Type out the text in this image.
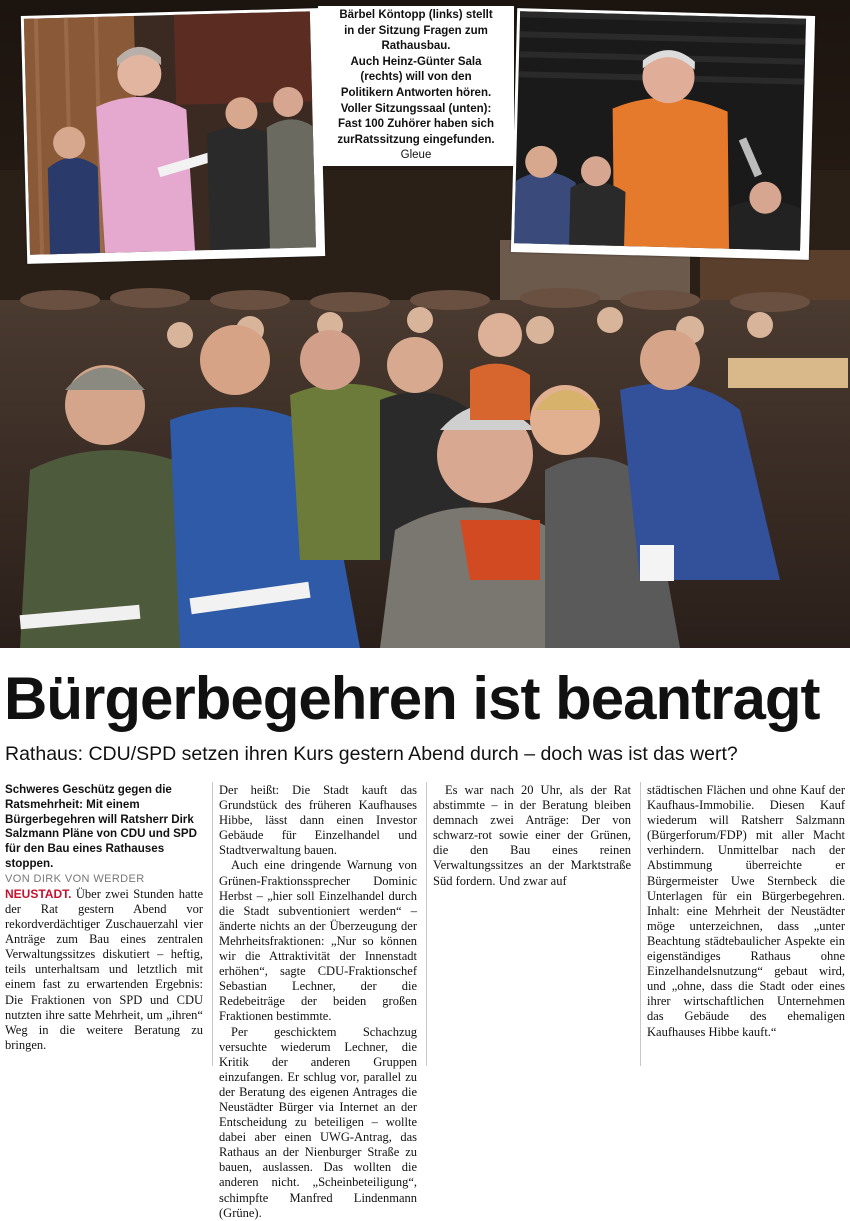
Bärbel Köntopp (links) stellt
in der Sitzung Fragen zum
Rathausbau.
Auch Heinz-Günter Sala
(rechts) will von den
Politikern Antworten hören.
Voller Sitzungssaal (unten):
Fast 100 Zuhörer haben sich
zurRatssitzung eingefunden.
Gleue
Bürgerbegehren ist beantragt
Rathaus: CDU/SPD setzen ihren Kurs gestern Abend durch – doch was ist das wert?

Schweres Geschütz gegen die Ratsmehrheit: Mit einem Bürgerbegehren will Ratsherr Dirk Salzmann Pläne von CDU und SPD für den Bau eines Rathauses stoppen.

VON DIRK VON WERDER

NEUSTADT. Über zwei Stunden hatte der Rat gestern Abend vor rekordverdächtiger Zuschauerzahl vier Anträge zum Bau eines zentralen Verwaltungssitzes diskutiert – heftig, teils unterhaltsam und letztlich mit einem fast zu erwartenden Ergebnis: Die Fraktionen von SPD und CDU nutzten ihre satte Mehrheit, um „ihren“ Weg in die weitere Beratung zu bringen.

Der heißt: Die Stadt kauft das Grundstück des früheren Kaufhauses Hibbe, lässt dann einen Investor Gebäude für Einzelhandel und Stadtverwaltung bauen.

Auch eine dringende Warnung von Grünen-Fraktionssprecher Dominic Herbst – „hier soll Einzelhandel durch die Stadt subventioniert werden“ – änderte nichts an der Überzeugung der Mehrheitsfraktionen: „Nur so können wir die Attraktivität der Innenstadt erhöhen“, sagte CDU-Fraktionschef Sebastian Lechner, der die Redebeiträge der beiden großen Fraktionen bestimmte.

Per geschicktem Schachzug versuchte wiederum Lechner, die Kritik der anderen Gruppen einzufangen. Er schlug vor, parallel zu der Beratung des eigenen Antrages die Neustädter Bürger via Internet an der Entscheidung zu beteiligen – wollte dabei aber einen UWG-Antrag, das Rathaus an der Nienburger Straße zu bauen, auslassen. Das wollten die anderen nicht. „Scheinbeteiligung“, schimpfte Manfred Lindenmann (Grüne).

Es war nach 20 Uhr, als der Rat abstimmte – in der Beratung bleiben demnach zwei Anträge: Der von schwarz-rot sowie einer der Grünen, die den Bau eines reinen Verwaltungssitzes an der Marktstraße Süd fordern. Und zwar auf

städtischen Flächen und ohne Kauf der Kaufhaus-Immobilie. Diesen Kauf wiederum will Ratsherr Salzmann (Bürgerforum/FDP) mit aller Macht verhindern. Unmittelbar nach der Abstimmung überreichte er Bürgermeister Uwe Sternbeck die Unterlagen für ein Bürgerbegehren. Inhalt: eine Mehrheit der Neustädter möge unterzeichnen, dass „unter Beachtung städtebaulicher Aspekte ein eigenständiges Rathaus ohne Einzelhandelsnutzung“ gebaut wird, und „ohne, dass die Stadt oder eines ihrer wirtschaftlichen Unternehmen das Gebäude des ehemaligen Kaufhauses Hibbe kauft.“
